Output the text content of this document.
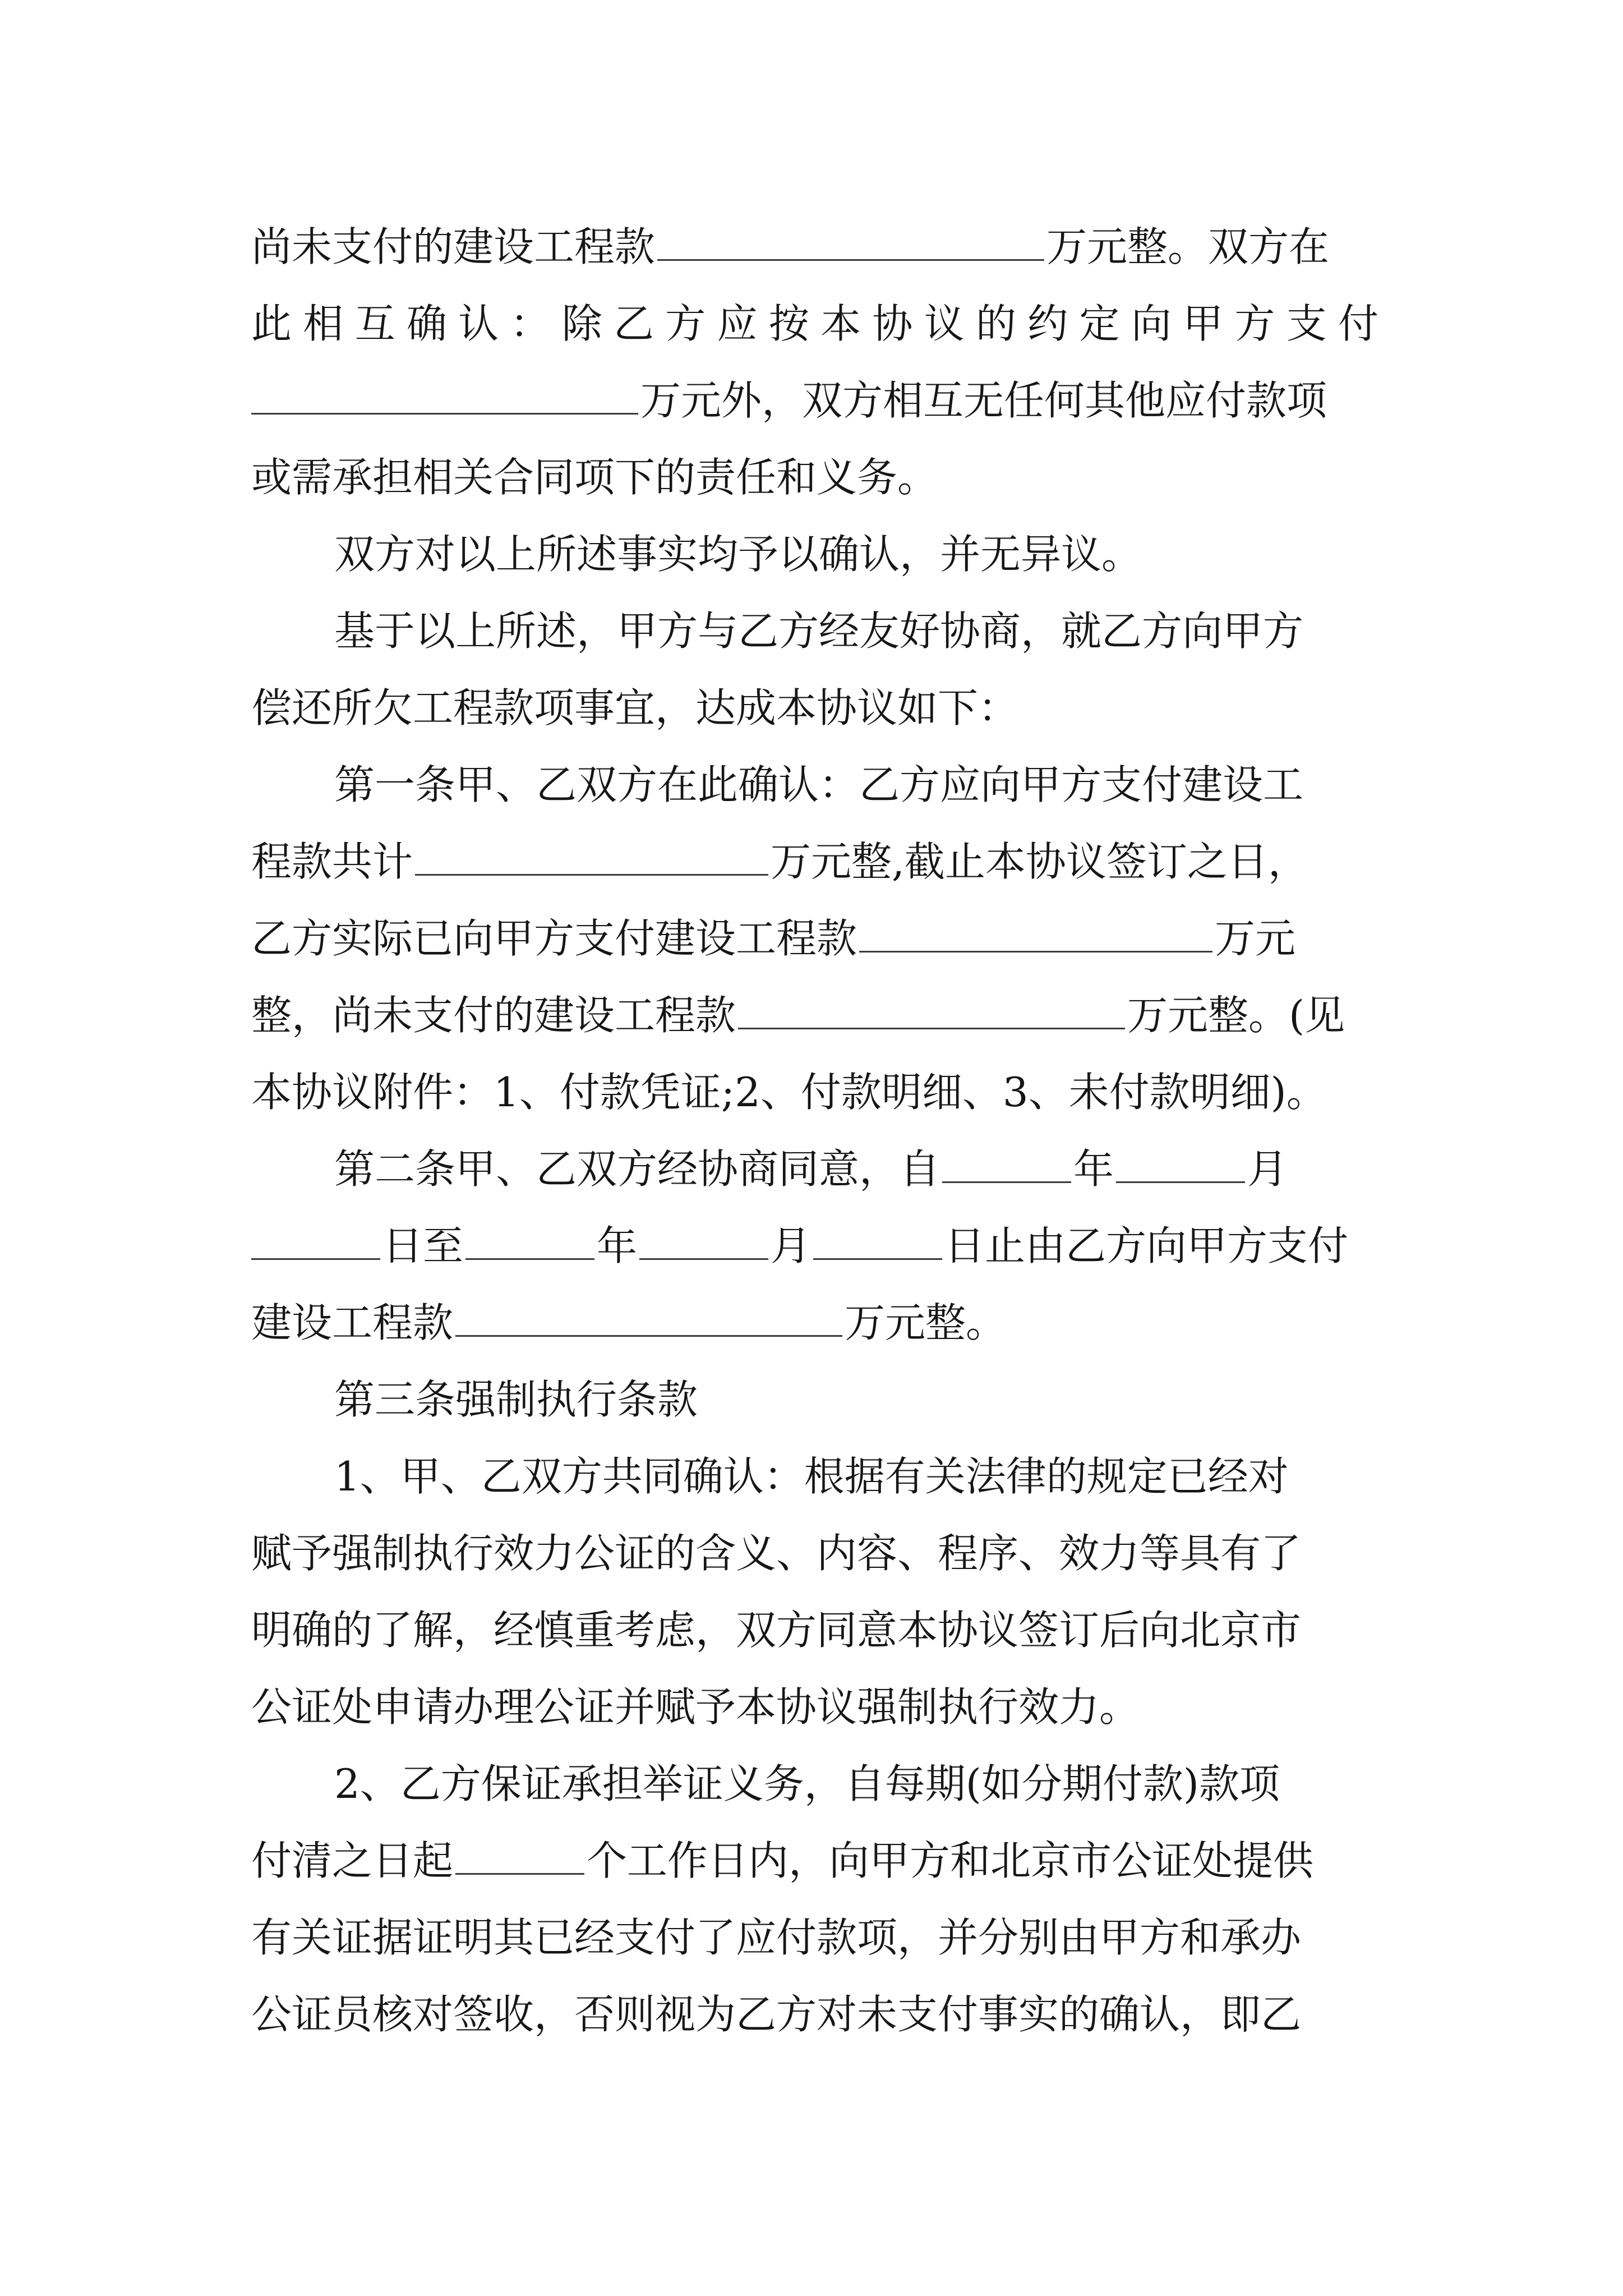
尚未支付的建设工程款	万元整。双方在
此相互确认：除乙方应按本协议的约定向甲方支付
万元外，双方相互无任何其他应付款项
或需承担相关合同项下的责任和义务。
双方对以上所述事实均予以确认，并无异议。
基于以上所述，甲方与乙方经友好协商，就乙方向甲方
偿还所欠工程款项事宜，达成本协议如下：
第一条甲、乙双方在此确认：乙方应向甲方支付建设工
程款共计	万元整,截止本协议签订之日，
乙方实际已向甲方支付建设工程款	万元
整，尚未支付的建设工程款	万元整。(见
本协议附件：1、付款凭证;2、付款明细、3、未付款明细)。
第二条甲、乙双方经协商同意，自	年	月
日至	年	月	日止由乙方向甲方支付
建设工程款	万元整。
第三条强制执行条款
1、甲、乙双方共同确认：根据有关法律的规定已经对
赋予强制执行效力公证的含义、内容、程序、效力等具有了
明确的了解，经慎重考虑，双方同意本协议签订后向北京市
公证处申请办理公证并赋予本协议强制执行效力。
2、乙方保证承担举证义务，自每期(如分期付款)款项
付清之日起	个工作日内，向甲方和北京市公证处提供
有关证据证明其已经支付了应付款项，并分别由甲方和承办
公证员核对签收，否则视为乙方对未支付事实的确认，即乙
